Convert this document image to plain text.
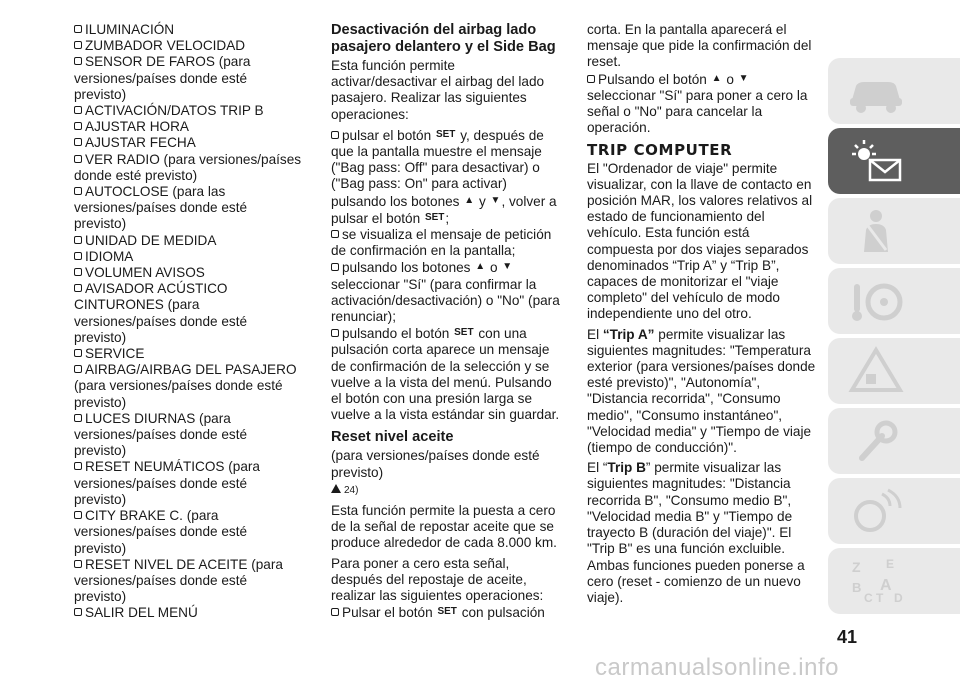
ILUMINACIÓN
ZUMBADOR VELOCIDAD
SENSOR DE FAROS (para versiones/países donde esté previsto)
ACTIVACIÓN/DATOS TRIP B
AJUSTAR HORA
AJUSTAR FECHA
VER RADIO (para versiones/países donde esté previsto)
AUTOCLOSE (para las versiones/países donde esté previsto)
UNIDAD DE MEDIDA
IDIOMA
VOLUMEN AVISOS
AVISADOR ACÚSTICO CINTURONES (para versiones/países donde esté previsto)
SERVICE
AIRBAG/AIRBAG DEL PASAJERO (para versiones/países donde esté previsto)
LUCES DIURNAS (para versiones/países donde esté previsto)
RESET NEUMÁTICOS (para versiones/países donde esté previsto)
CITY BRAKE C. (para versiones/países donde esté previsto)
RESET NIVEL DE ACEITE (para versiones/países donde esté previsto)
SALIR DEL MENÚ
Desactivación del airbag lado pasajero delantero y el Side Bag
Esta función permite activar/desactivar el airbag del lado pasajero. Realizar las siguientes operaciones:
pulsar el botón SET y, después de que la pantalla muestre el mensaje ("Bag pass: Off" para desactivar) o ("Bag pass: On" para activar) pulsando los botones ▲ y ▼, volver a pulsar el botón SET;
se visualiza el mensaje de petición de confirmación en la pantalla;
pulsando los botones ▲ o ▼ seleccionar "Sí" (para confirmar la activación/desactivación) o "No" (para renunciar);
pulsando el botón SET con una pulsación corta aparece un mensaje de confirmación de la selección y se vuelve a la vista del menú. Pulsando el botón con una presión larga se vuelve a la vista estándar sin guardar.
Reset nivel aceite
(para versiones/países donde esté previsto)
24)
Esta función permite la puesta a cero de la señal de repostar aceite que se produce alrededor de cada 8.000 km.
Para poner a cero esta señal, después del repostaje de aceite, realizar las siguientes operaciones:
Pulsar el botón SET con pulsación
corta. En la pantalla aparecerá el mensaje que pide la confirmación del reset.
Pulsando el botón ▲ o ▼ seleccionar "Sí" para poner a cero la señal o "No" para cancelar la operación.
TRIP COMPUTER
El "Ordenador de viaje" permite visualizar, con la llave de contacto en posición MAR, los valores relativos al estado de funcionamiento del vehículo. Esta función está compuesta por dos viajes separados denominados “Trip A” y “Trip B”, capaces de monitorizar el "viaje completo" del vehículo de modo independiente uno del otro.
El “Trip A” permite visualizar las siguientes magnitudes: "Temperatura exterior (para versiones/países donde esté previsto)", "Autonomía", "Distancia recorrida", "Consumo medio", "Consumo instantáneo", "Velocidad media" y "Tiempo de viaje (tiempo de conducción)".
El “Trip B” permite visualizar las siguientes magnitudes: "Distancia recorrida B", "Consumo medio B", "Velocidad media B" y "Tiempo de trayecto B (duración del viaje)". El "Trip B" es una función excluible. Ambas funciones pueden ponerse a cero (reset - comienzo de un nuevo viaje).
Z E
B A
C T D
41
carmanualsonline.info
